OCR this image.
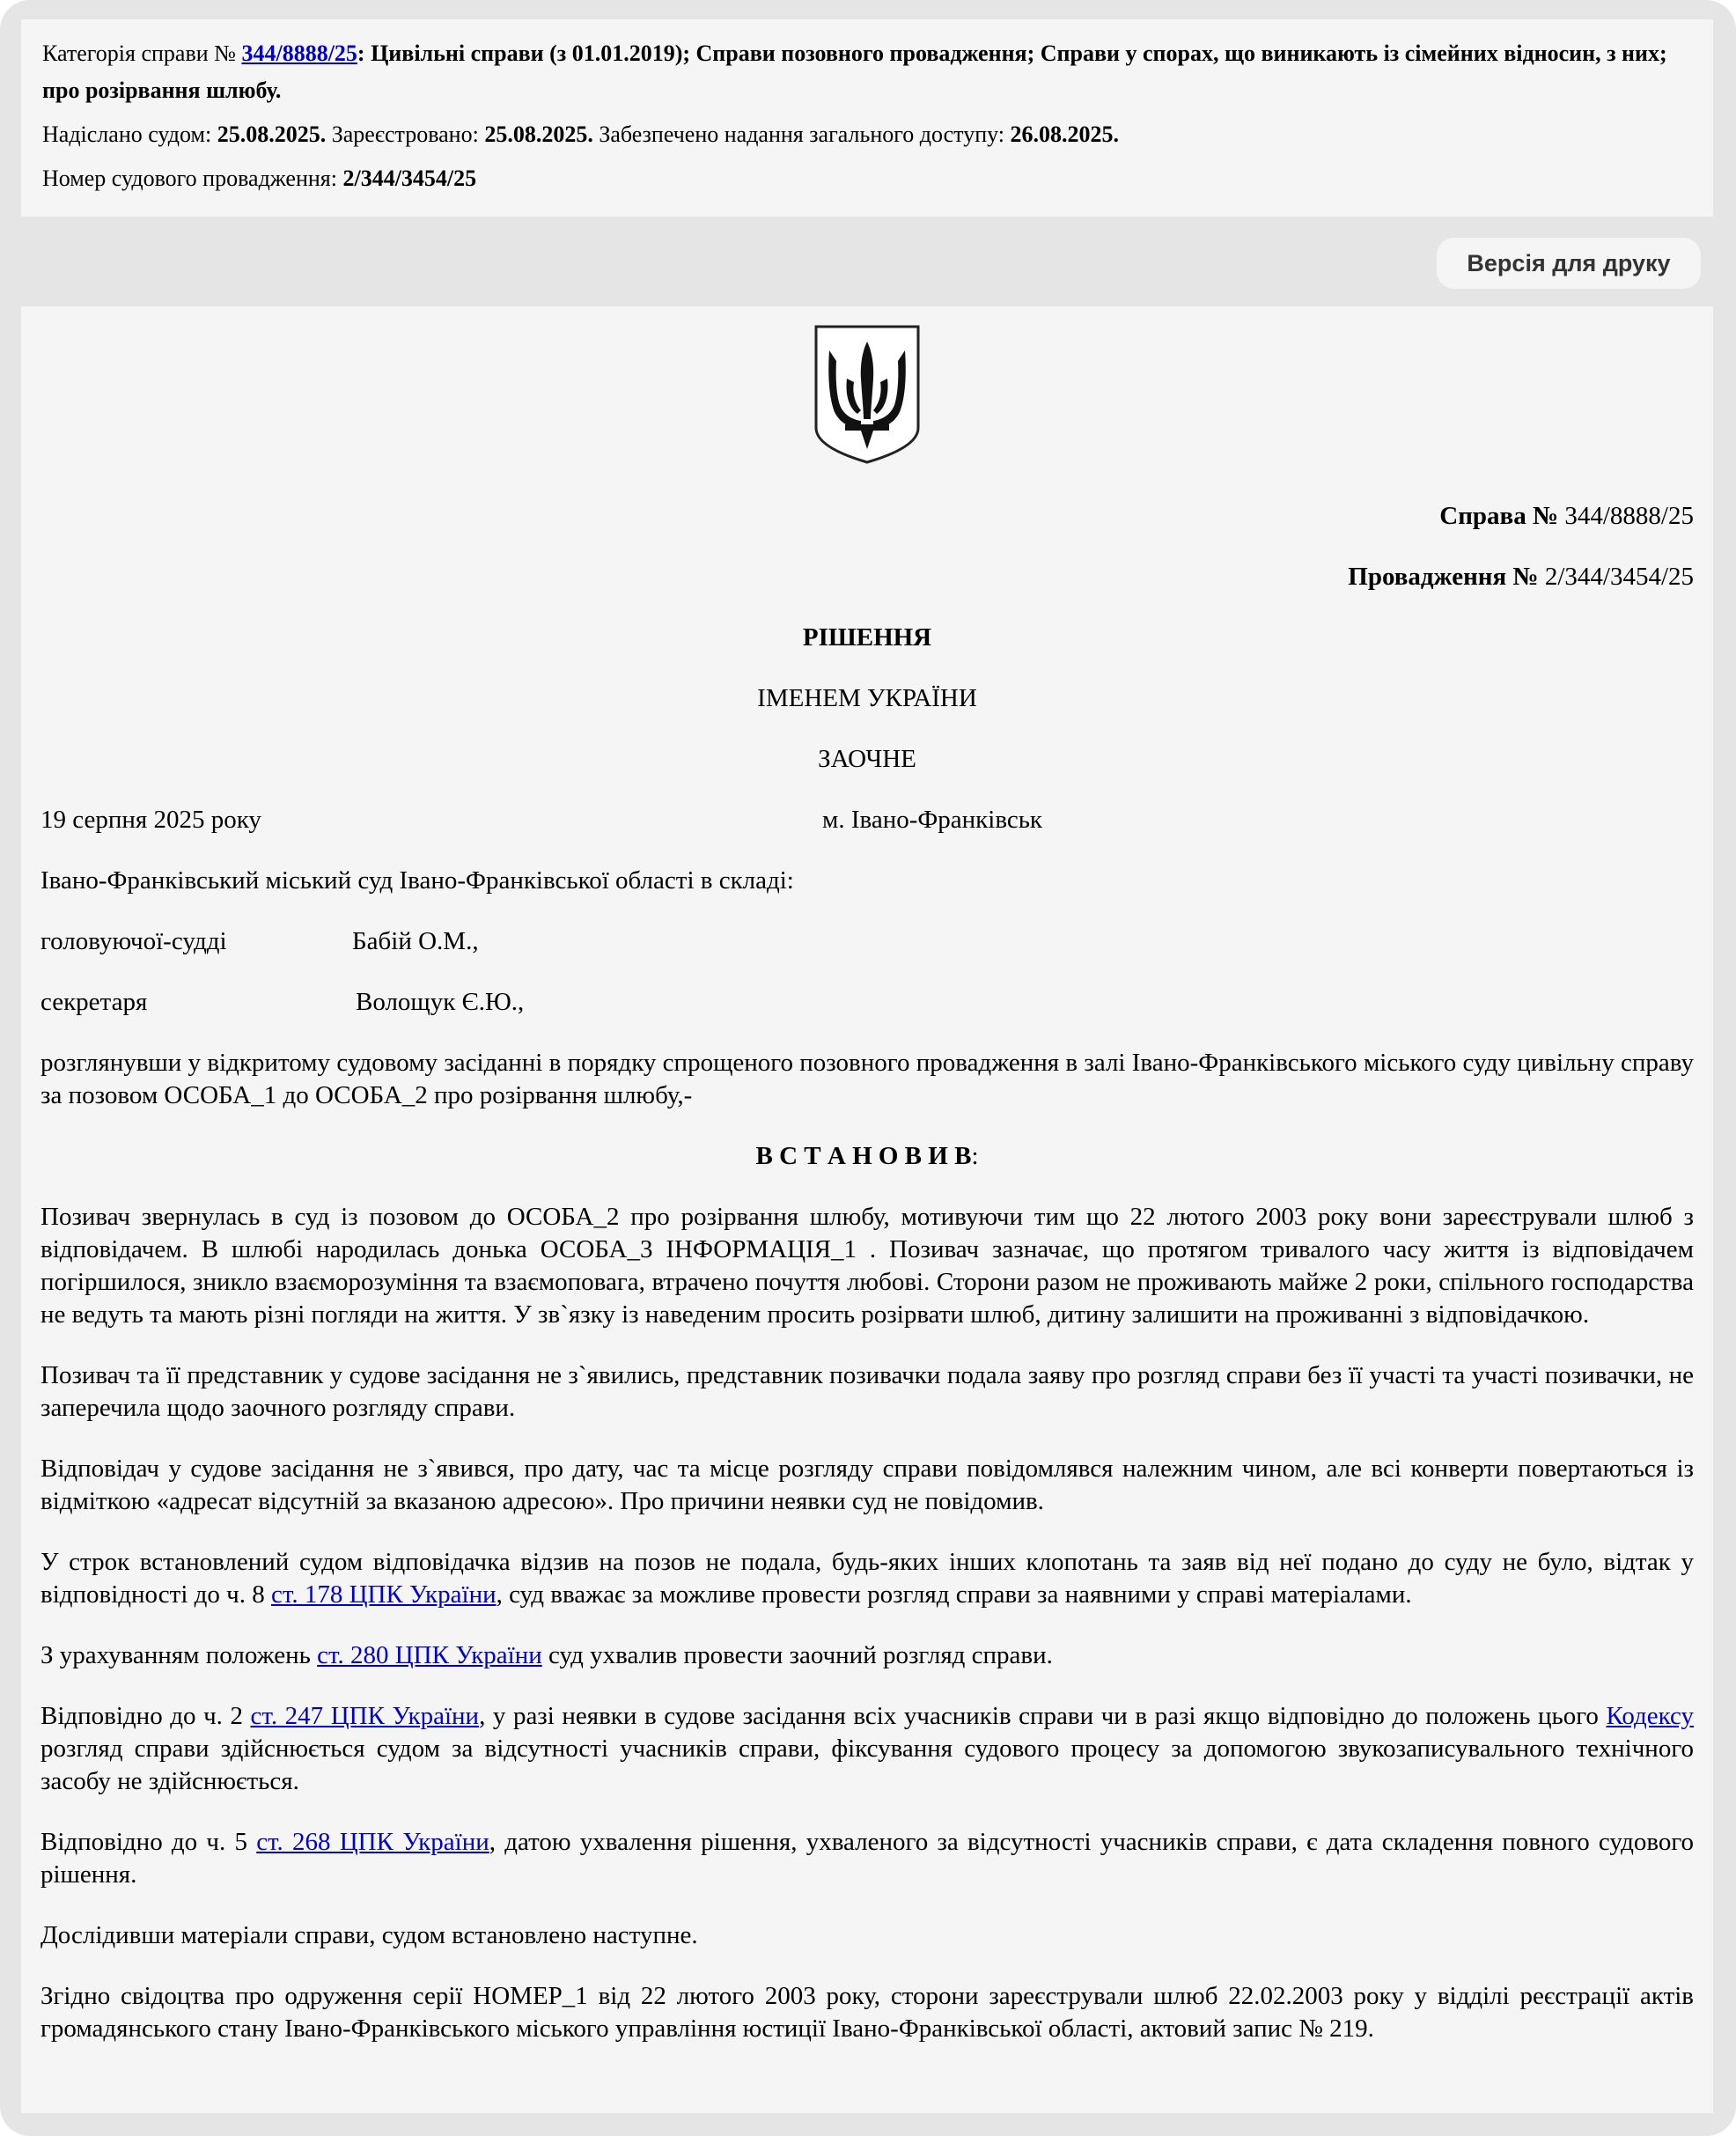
Категорія справи № 344/8888/25: Цивільні справи (з 01.01.2019); Справи позовного провадження; Справи у спорах, що виникають із сімейних відносин, з них; про розірвання шлюбу.

Надіслано судом: 25.08.2025. Зареєстровано: 25.08.2025. Забезпечено надання загального доступу: 26.08.2025.

Номер судового провадження: 2/344/3454/25

Версія для друку

Справа № 344/8888/25

Провадження № 2/344/3454/25

РІШЕННЯ

ІМЕНЕМ УКРАЇНИ

ЗАОЧНЕ

19 серпня 2025 року	м. Івано-Франківськ

Івано-Франківський міський суд Івано-Франківської області в складі:

головуючої-судді	Бабій О.М.,
секретаря	Волощук Є.Ю.,

розглянувши у відкритому судовому засіданні в порядку спрощеного позовного провадження в залі Івано-Франківського міського суду цивільну справу за позовом ОСОБА_1 до ОСОБА_2 про розірвання шлюбу,-

В С Т А Н О В И В:

Позивач звернулась в суд із позовом до ОСОБА_2 про розірвання шлюбу, мотивуючи тим що 22 лютого 2003 року вони зареєстрували шлюб з відповідачем. В шлюбі народилась донька ОСОБА_3 ІНФОРМАЦІЯ_1 . Позивач зазначає, що протягом тривалого часу життя із відповідачем погіршилося, зникло взаєморозуміння та взаємоповага, втрачено почуття любові. Сторони разом не проживають майже 2 роки, спільного господарства не ведуть та мають різні погляди на життя. У зв`язку із наведеним просить розірвати шлюб, дитину залишити на проживанні з відповідачкою.

Позивач та її представник у судове засідання не з`явились, представник позивачки подала заяву про розгляд справи без її участі та участі позивачки, не заперечила щодо заочного розгляду справи.

Відповідач у судове засідання не з`явився, про дату, час та місце розгляду справи повідомлявся належним чином, але всі конверти повертаються із відміткою «адресат відсутній за вказаною адресою». Про причини неявки суд не повідомив.

У строк встановлений судом відповідачка відзив на позов не подала, будь-яких інших клопотань та заяв від неї подано до суду не було, відтак у відповідності до ч. 8 ст. 178 ЦПК України, суд вважає за можливе провести розгляд справи за наявними у справі матеріалами.

З урахуванням положень ст. 280 ЦПК України суд ухвалив провести заочний розгляд справи.

Відповідно до ч. 2 ст. 247 ЦПК України, у разі неявки в судове засідання всіх учасників справи чи в разі якщо відповідно до положень цього Кодексу розгляд справи здійснюється судом за відсутності учасників справи, фіксування судового процесу за допомогою звукозаписувального технічного засобу не здійснюється.

Відповідно до ч. 5 ст. 268 ЦПК України, датою ухвалення рішення, ухваленого за відсутності учасників справи, є дата складення повного судового рішення.

Дослідивши матеріали справи, судом встановлено наступне.

Згідно свідоцтва про одруження серії НОМЕР_1 від 22 лютого 2003 року, сторони зареєстрували шлюб 22.02.2003 року у відділі реєстрації актів громадянського стану Івано-Франківського міського управління юстиції Івано-Франківської області, актовий запис № 219.
